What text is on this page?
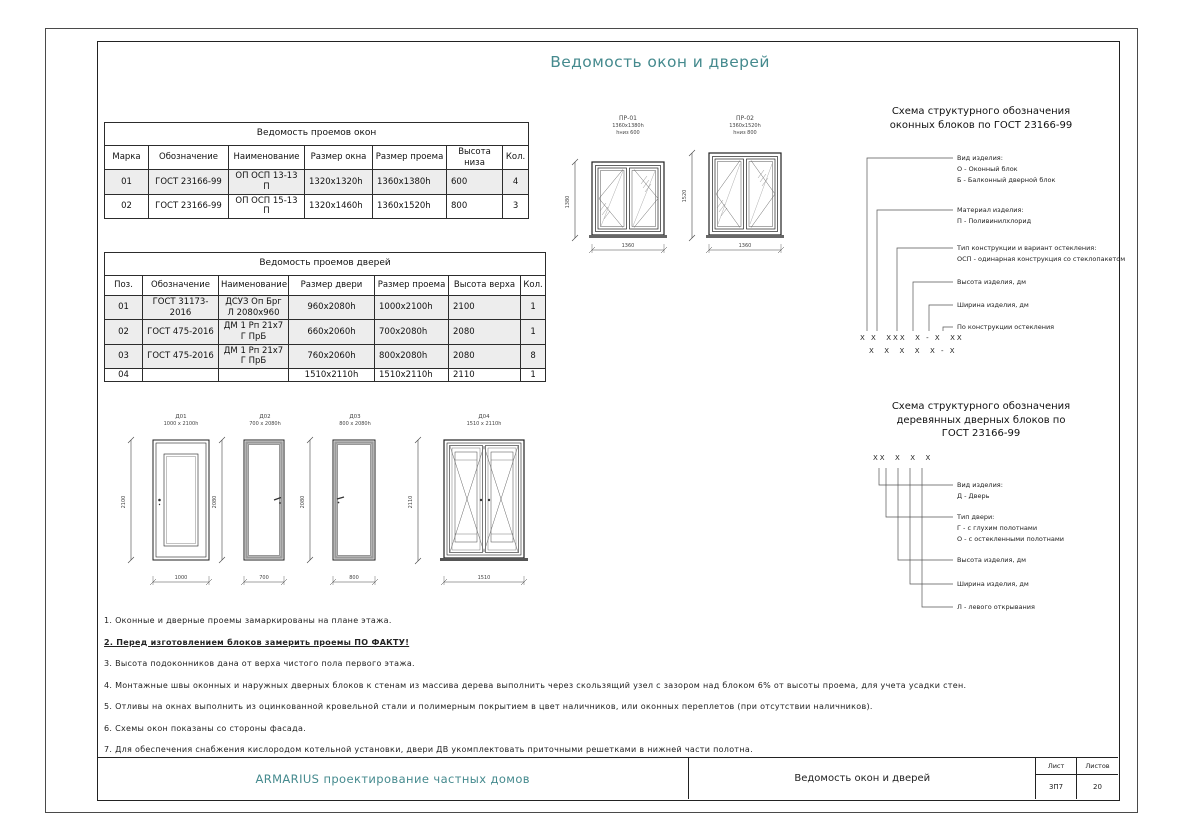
Ведомость окон и дверей
Ведомость проемов окон						
Марка	Обозначение	Наименование	Размер окна	Размер проема	Высота низа	Кол.
01	ГОСТ 23166-99	ОП ОСП 13-13 П	1320x1320h	1360x1380h	600	4
02	ГОСТ 23166-99	ОП ОСП 15-13 П	1320x1460h	1360x1520h	800	3
Ведомость проемов дверей						
Поз.	Обозначение	Наименование	Размер двери	Размер проема	Высота верха	Кол.
01	ГОСТ 31173-2016	ДСУЗ Оп Брг Л 2080x960	960x2080h	1000x2100h	2100	1
02	ГОСТ 475-2016	ДМ 1 Рп 21x7 Г ПрБ	660x2060h	700x2080h	2080	1
03	ГОСТ 475-2016	ДМ 1 Рп 21x7 Г ПрБ	760x2060h	800x2080h	2080	8
04			1510x2110h	1510x2110h	2110	1
ПР-01
1360x1380h
hниз 600
1380
1360
ПР-02
1360x1520h
hниз 800
1520
1360
Д01
1000 x 2100h
2100
1000
Д02
700 x 2080h
2080
700
Д03
800 x 2080h
2080
800
Д04
1510 x 2110h
2110
1510
Схема структурного обозначения
оконных блоков по ГОСТ 23166-99
Вид изделия:
О - Оконный блок
Б - Балконный дверной блок
Материал изделия:
П - Поливинилхлорид
Тип конструкции и вариант остекления:
ОСП - одинарная конструкция со стеклопакетом
Высота изделия, дм
Ширина изделия, дм
По конструкции остекления
Х Х  ХХХ  Х - Х  ХХ
Х  Х  Х  Х  Х - Х
Схема структурного обозначения
деревянных дверных блоков по
ГОСТ 23166-99
ХХ  Х  Х  Х
Вид изделия:
Д - Дверь
Тип двери:
Г - с глухим полотнами
О - с остекленными полотнами
Высота изделия, дм
Ширина изделия, дм
Л - левого открывания
1. Оконные и дверные проемы замаркированы на плане этажа.
2. Перед изготовлением блоков замерить проемы ПО ФАКТУ!
3. Высота подоконников дана от верха чистого пола первого этажа.
4. Монтажные швы оконных и наружных дверных блоков к стенам из массива дерева выполнить через скользящий узел с зазором над блоком 6% от высоты проема, для учета усадки стен.
5. Отливы на окнах выполнить из оцинкованной кровельной стали и полимерным покрытием в цвет наличников, или оконных переплетов (при отсутствии наличников).
6. Схемы окон показаны со стороны фасада.
7. Для обеспечения снабжения кислородом котельной установки, двери ДВ укомплектовать приточными решетками в нижней части полотна.
ARMARIUS проектирование частных домов	Ведомость окон и дверей
Лист
3П7
Листов
20
